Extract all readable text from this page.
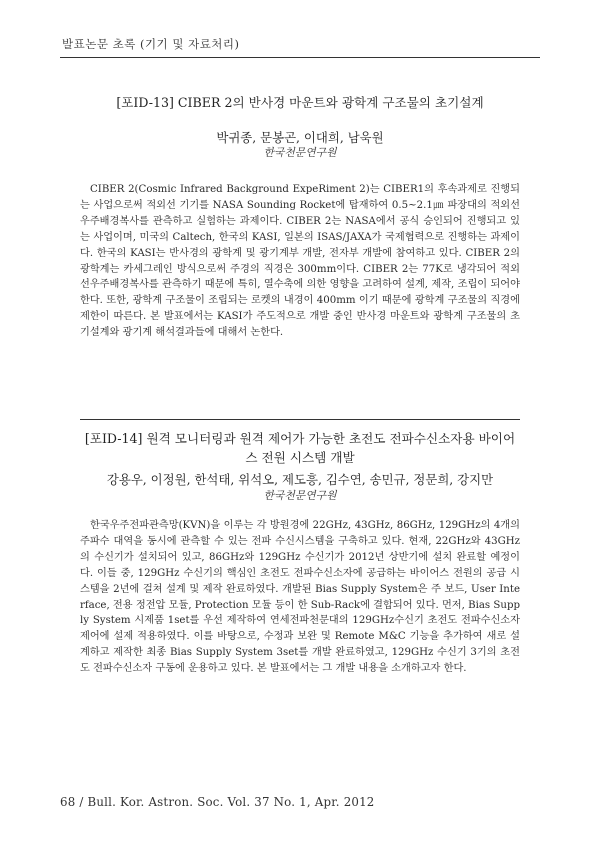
발표논문 초록 (기기 및 자료처리)
[포ID-13] CIBER 2의 반사경 마운트와 광학계 구조물의 초기설계
박귀종, 문봉곤, 이대희, 남욱원
한국천문연구원
CIBER 2(Cosmic Infrared Background ExpeRiment 2)는 CIBER1의 후속과제로 진행되는 사업으로써 적외선 기기를 NASA Sounding Rocket에 탑재하여 0.5~2.1㎛ 파장대의 적외선 우주배경복사를 관측하고 실험하는 과제이다. CIBER 2는 NASA에서 공식 승인되어 진행되고 있는 사업이며, 미국의 Caltech, 한국의 KASI, 일본의 ISAS/JAXA가 국제협력으로 진행하는 과제이다. 한국의 KASI는 반사경의 광학계 및 광기계부 개발, 전자부 개발에 참여하고 있다. CIBER 2의 광학계는 카세그레인 방식으로써 주경의 직경은 300mm이다. CIBER 2는 77K로 냉각되어 적외선우주배경복사를 관측하기 때문에 특히, 열수축에 의한 영향을 고려하여 설계, 제작, 조립이 되어야 한다. 또한, 광학계 구조물이 조립되는 로켓의 내경이 400mm 이기 때문에 광학계 구조물의 직경에 제한이 따른다. 본 발표에서는 KASI가 주도적으로 개발 중인 반사경 마운트와 광학계 구조물의 초기설계와 광기계 해석결과들에 대해서 논한다.
[포ID-14] 원격 모니터링과 원격 제어가 가능한 초전도 전파수신소자용 바이어스 전원 시스템 개발
강용우, 이정원, 한석태, 위석오, 제도흥, 김수연, 송민규, 정문희, 강지만
한국천문연구원
한국우주전파관측망(KVN)을 이루는 각 방원경에 22GHz, 43GHz, 86GHz, 129GHz의 4개의 주파수 대역을 동시에 관측할 수 있는 전파 수신시스템을 구축하고 있다. 현재, 22GHz와 43GHz의 수신기가 설치되어 있고, 86GHz와 129GHz 수신기가 2012년 상반기에 설치 완료할 예정이다. 이들 중, 129GHz 수신기의 핵심인 초전도 전파수신소자에 공급하는 바이어스 전원의 공급 시스템을 2년에 걸쳐 설계 및 제작 완료하였다. 개발된 Bias Supply System은 주 보드, User Interface, 전용 정전압 모듈, Protection 모듈 등이 한 Sub-Rack에 결합되어 있다. 먼저, Bias Supply System 시제품 1set를 우선 제작하여 연세전파천문대의 129GHz수신기 초전도 전파수신소자 제어에 설제 적용하였다. 이를 바탕으로, 수정과 보완 및 Remote M&C 기능을 추가하여 새로 설계하고 제작한 최종 Bias Supply System 3set를 개발 완료하였고, 129GHz 수신기 3기의 초전도 전파수신소자 구동에 운용하고 있다. 본 발표에서는 그 개발 내용을 소개하고자 한다.
68 / Bull. Kor. Astron. Soc. Vol. 37 No. 1, Apr. 2012
